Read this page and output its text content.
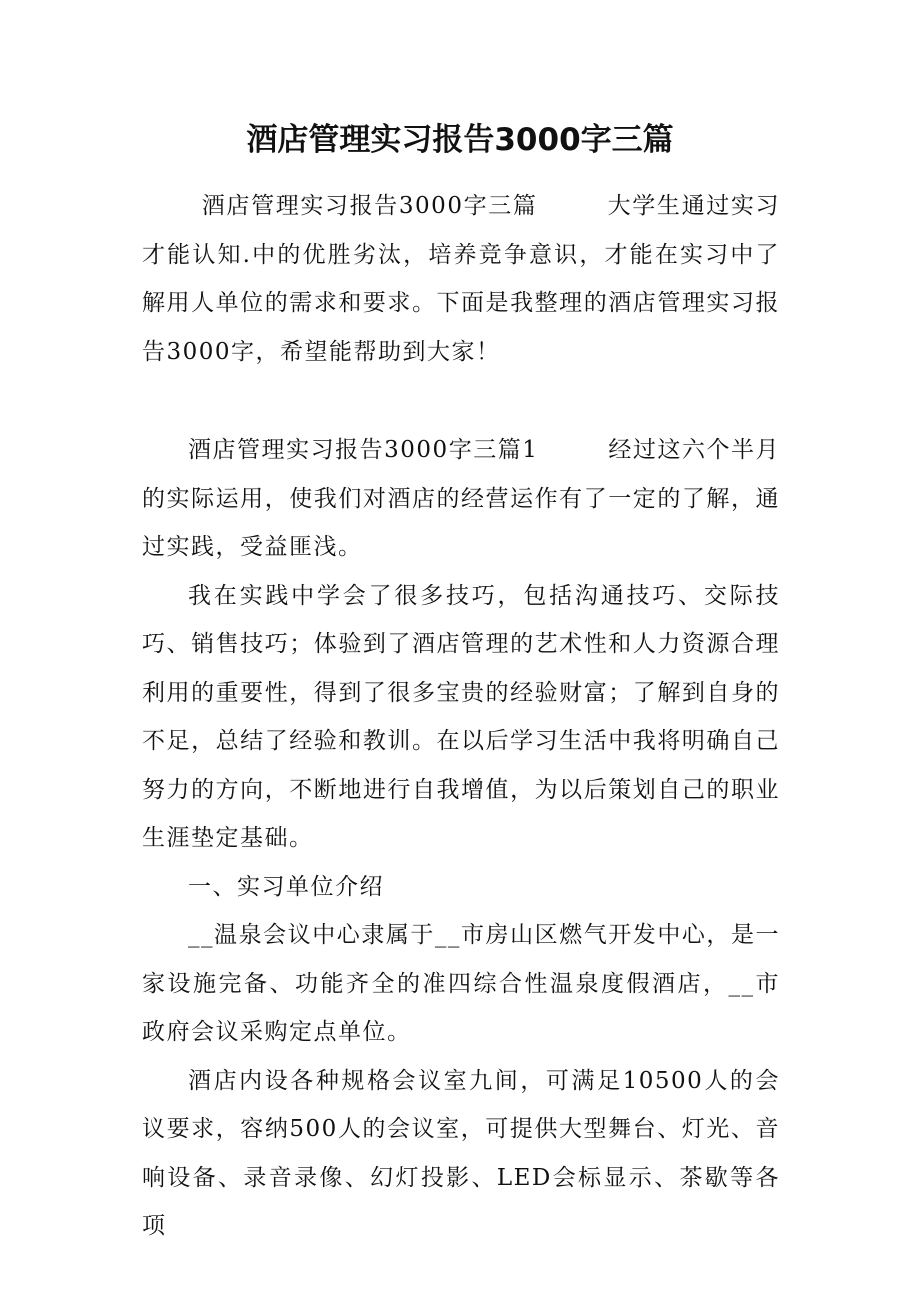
酒店管理实习报告3000字三篇

酒店管理实习报告3000字三篇	大学生通过实习才能认知.中的优胜劣汰，培养竞争意识，才能在实习中了解用人单位的需求和要求。下面是我整理的酒店管理实习报告3000字，希望能帮助到大家！

酒店管理实习报告3000字三篇1	经过这六个半月的实际运用，使我们对酒店的经营运作有了一定的了解，通过实践，受益匪浅。

我在实践中学会了很多技巧，包括沟通技巧、交际技巧、销售技巧；体验到了酒店管理的艺术性和人力资源合理利用的重要性，得到了很多宝贵的经验财富；了解到自身的不足，总结了经验和教训。在以后学习生活中我将明确自己努力的方向，不断地进行自我增值，为以后策划自己的职业生涯垫定基础。

一、实习单位介绍

__温泉会议中心隶属于__市房山区燃气开发中心，是一家设施完备、功能齐全的准四综合性温泉度假酒店，__市政府会议采购定点单位。

酒店内设各种规格会议室九间，可满足10500人的会议要求，容纳500人的会议室，可提供大型舞台、灯光、音响设备、录音录像、幻灯投影、LED会标显示、茶歇等各项
